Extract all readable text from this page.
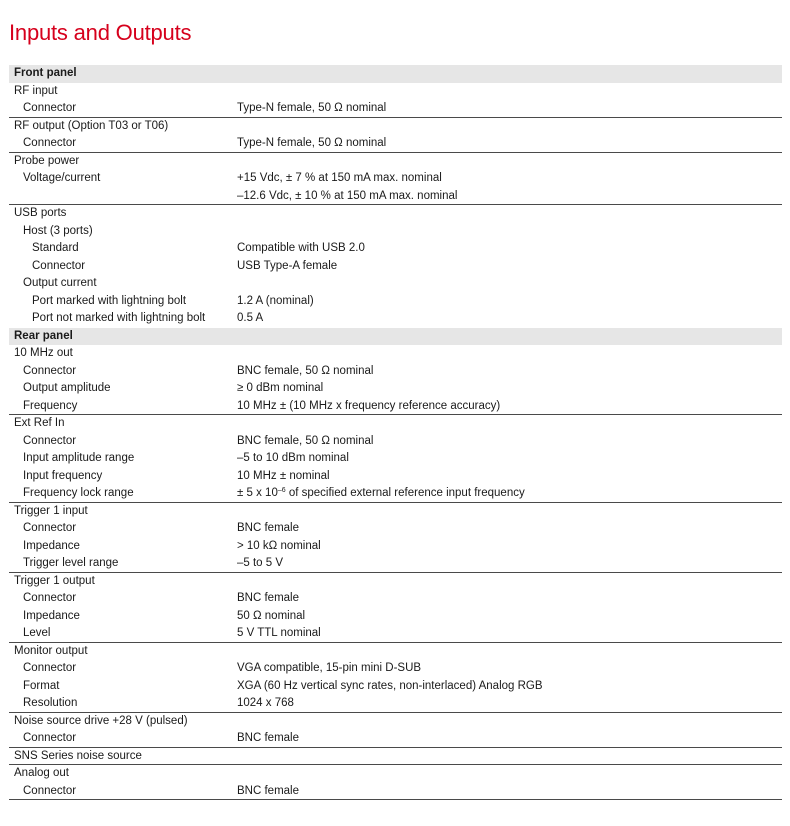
Inputs and Outputs
Front panel
RF input
Connector	Type-N female, 50 Ω nominal
RF output (Option T03 or T06)
Connector	Type-N female, 50 Ω nominal
Probe power
Voltage/current	+15 Vdc, ± 7 % at 150 mA max. nominal
–12.6 Vdc, ± 10 % at 150 mA max. nominal
USB ports
Host (3 ports)
Standard	Compatible with USB 2.0
Connector	USB Type-A female
Output current
Port marked with lightning bolt	1.2 A (nominal)
Port not marked with lightning bolt	0.5 A
Rear panel
10 MHz out
Connector	BNC female, 50 Ω nominal
Output amplitude	≥ 0 dBm nominal
Frequency	10 MHz ± (10 MHz x frequency reference accuracy)
Ext Ref In
Connector	BNC female, 50 Ω nominal
Input amplitude range	–5 to 10 dBm nominal
Input frequency	10 MHz ± nominal
Frequency lock range	± 5 x $10^{-6}$ of specified external reference input frequency
Trigger 1 input
Connector	BNC female
Impedance	> 10 kΩ nominal
Trigger level range	–5 to 5 V
Trigger 1 output
Connector	BNC female
Impedance	50 Ω nominal
Level	5 V TTL nominal
Monitor output
Connector	VGA compatible, 15-pin mini D-SUB
Format	XGA (60 Hz vertical sync rates, non-interlaced) Analog RGB
Resolution	1024 x 768
Noise source drive +28 V (pulsed)
Connector	BNC female
SNS Series noise source
Analog out
Connector	BNC female
